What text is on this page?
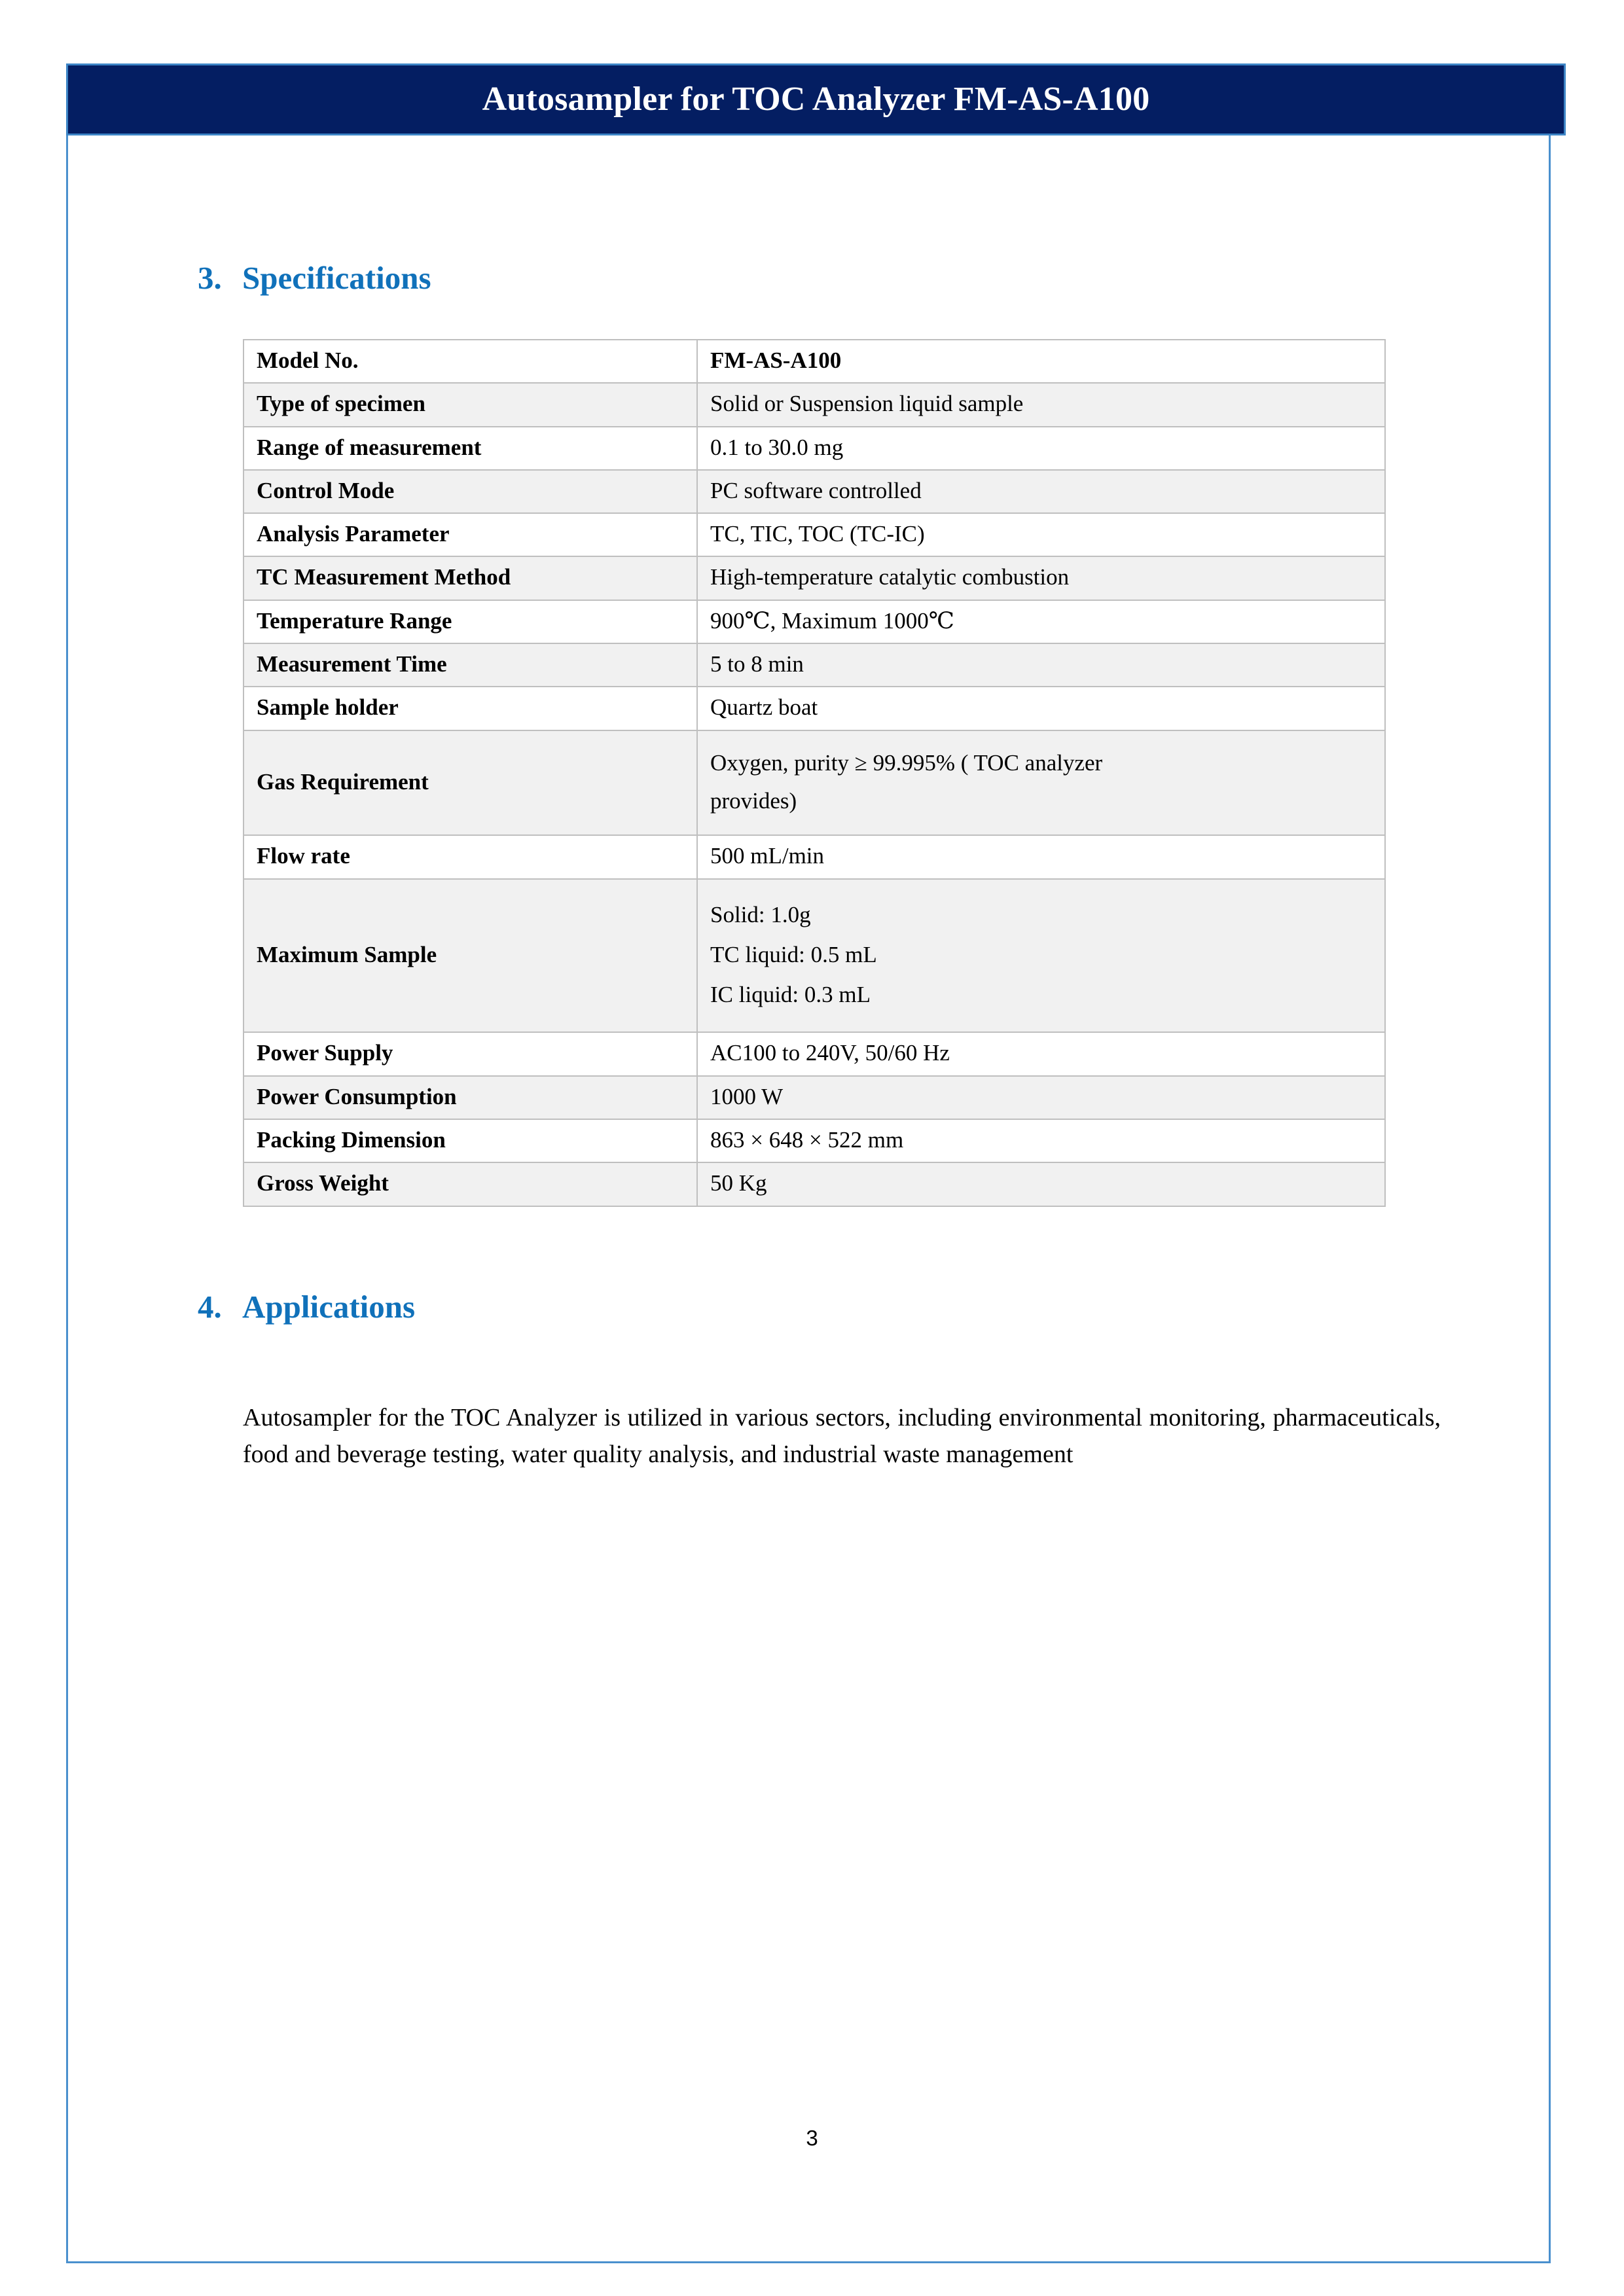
Autosampler for TOC Analyzer FM-AS-A100
3. Specifications
Model No.	FM-AS-A100

Type of specimen	Solid or Suspension liquid sample

Range of measurement	0.1 to 30.0 mg

Control Mode	PC software controlled

Analysis Parameter	TC, TIC, TOC (TC-IC)

TC Measurement Method	High-temperature catalytic combustion

Temperature Range	900℃, Maximum 1000℃

Measurement Time	5 to 8 min

Sample holder	Quartz boat

Gas Requirement	Oxygen, purity ≥ 99.995% ( TOC analyzer
provides)

Flow rate	500 mL/min

Maximum Sample	Solid: 1.0g
TC liquid: 0.5 mL
IC liquid: 0.3 mL

Power Supply	AC100 to 240V, 50/60 Hz

Power Consumption	1000 W

Packing Dimension	863 × 648 × 522 mm

Gross Weight	50 Kg
4. Applications

Autosampler for the TOC Analyzer is utilized in various sectors, including environmental monitoring, pharmaceuticals, food and beverage testing, water quality analysis, and industrial waste management

3
